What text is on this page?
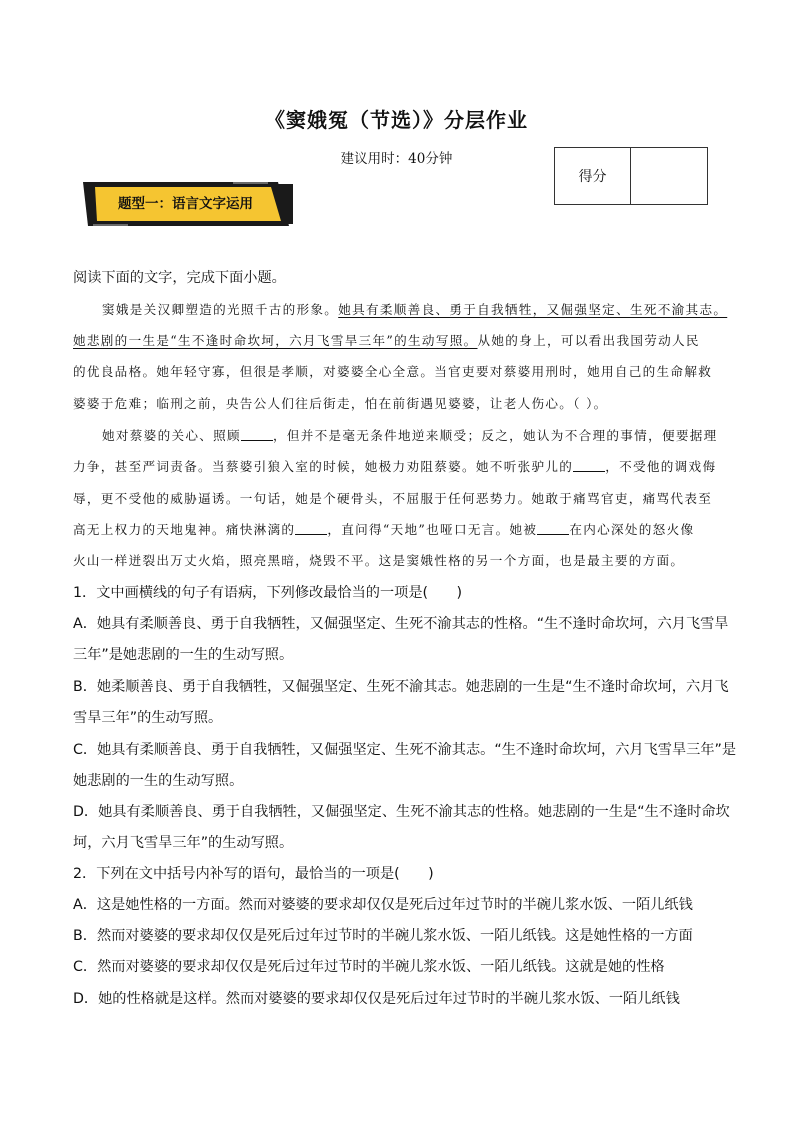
《窦娥冤（节选）》分层作业
建议用时：40分钟
得分
题型一：语言文字运用
阅读下面的文字，完成下面小题。
窦娥是关汉卿塑造的光照千古的形象。她具有柔顺善良、勇于自我牺牲，又倔强坚定、生死不渝其志。
她悲剧的一生是“生不逢时命坎坷，六月飞雪旱三年”的生动写照。从她的身上，可以看出我国劳动人民
的优良品格。她年轻守寡，但很是孝顺，对婆婆全心全意。当官吏要对蔡婆用刑时，她用自己的生命解救
婆婆于危难；临刑之前，央告公人们往后街走，怕在前街遇见婆婆，让老人伤心。（ ）。
她对蔡婆的关心、照顾	，但并不是毫无条件地逆来顺受；反之，她认为不合理的事情，便要据理
力争，甚至严词责备。当蔡婆引狼入室的时候，她极力劝阻蔡婆。她不听张驴儿的	，不受他的调戏侮
辱，更不受他的威胁逼诱。一句话，她是个硬骨头，不屈服于任何恶势力。她敢于痛骂官吏，痛骂代表至
高无上权力的天地鬼神。痛快淋漓的	，直问得“天地”也哑口无言。她被	在内心深处的怒火像
火山一样迸裂出万丈火焰，照亮黑暗，烧毁不平。这是窦娥性格的另一个方面，也是最主要的方面。
1．文中画横线的句子有语病，下列修改最恰当的一项是(　　)
A．她具有柔顺善良、勇于自我牺牲，又倔强坚定、生死不渝其志的性格。“生不逢时命坎坷，六月飞雪旱
三年”是她悲剧的一生的生动写照。
B．她柔顺善良、勇于自我牺牲，又倔强坚定、生死不渝其志。她悲剧的一生是“生不逢时命坎坷，六月飞
雪旱三年”的生动写照。
C．她具有柔顺善良、勇于自我牺牲，又倔强坚定、生死不渝其志。“生不逢时命坎坷，六月飞雪旱三年”是
她悲剧的一生的生动写照。
D．她具有柔顺善良、勇于自我牺牲，又倔强坚定、生死不渝其志的性格。她悲剧的一生是“生不逢时命坎
坷，六月飞雪旱三年”的生动写照。
2．下列在文中括号内补写的语句，最恰当的一项是(　　)
A．这是她性格的一方面。然而对婆婆的要求却仅仅是死后过年过节时的半碗儿浆水饭、一陌儿纸钱
B．然而对婆婆的要求却仅仅是死后过年过节时的半碗儿浆水饭、一陌儿纸钱。这是她性格的一方面
C．然而对婆婆的要求却仅仅是死后过年过节时的半碗儿浆水饭、一陌儿纸钱。这就是她的性格
D．她的性格就是这样。然而对婆婆的要求却仅仅是死后过年过节时的半碗儿浆水饭、一陌儿纸钱
